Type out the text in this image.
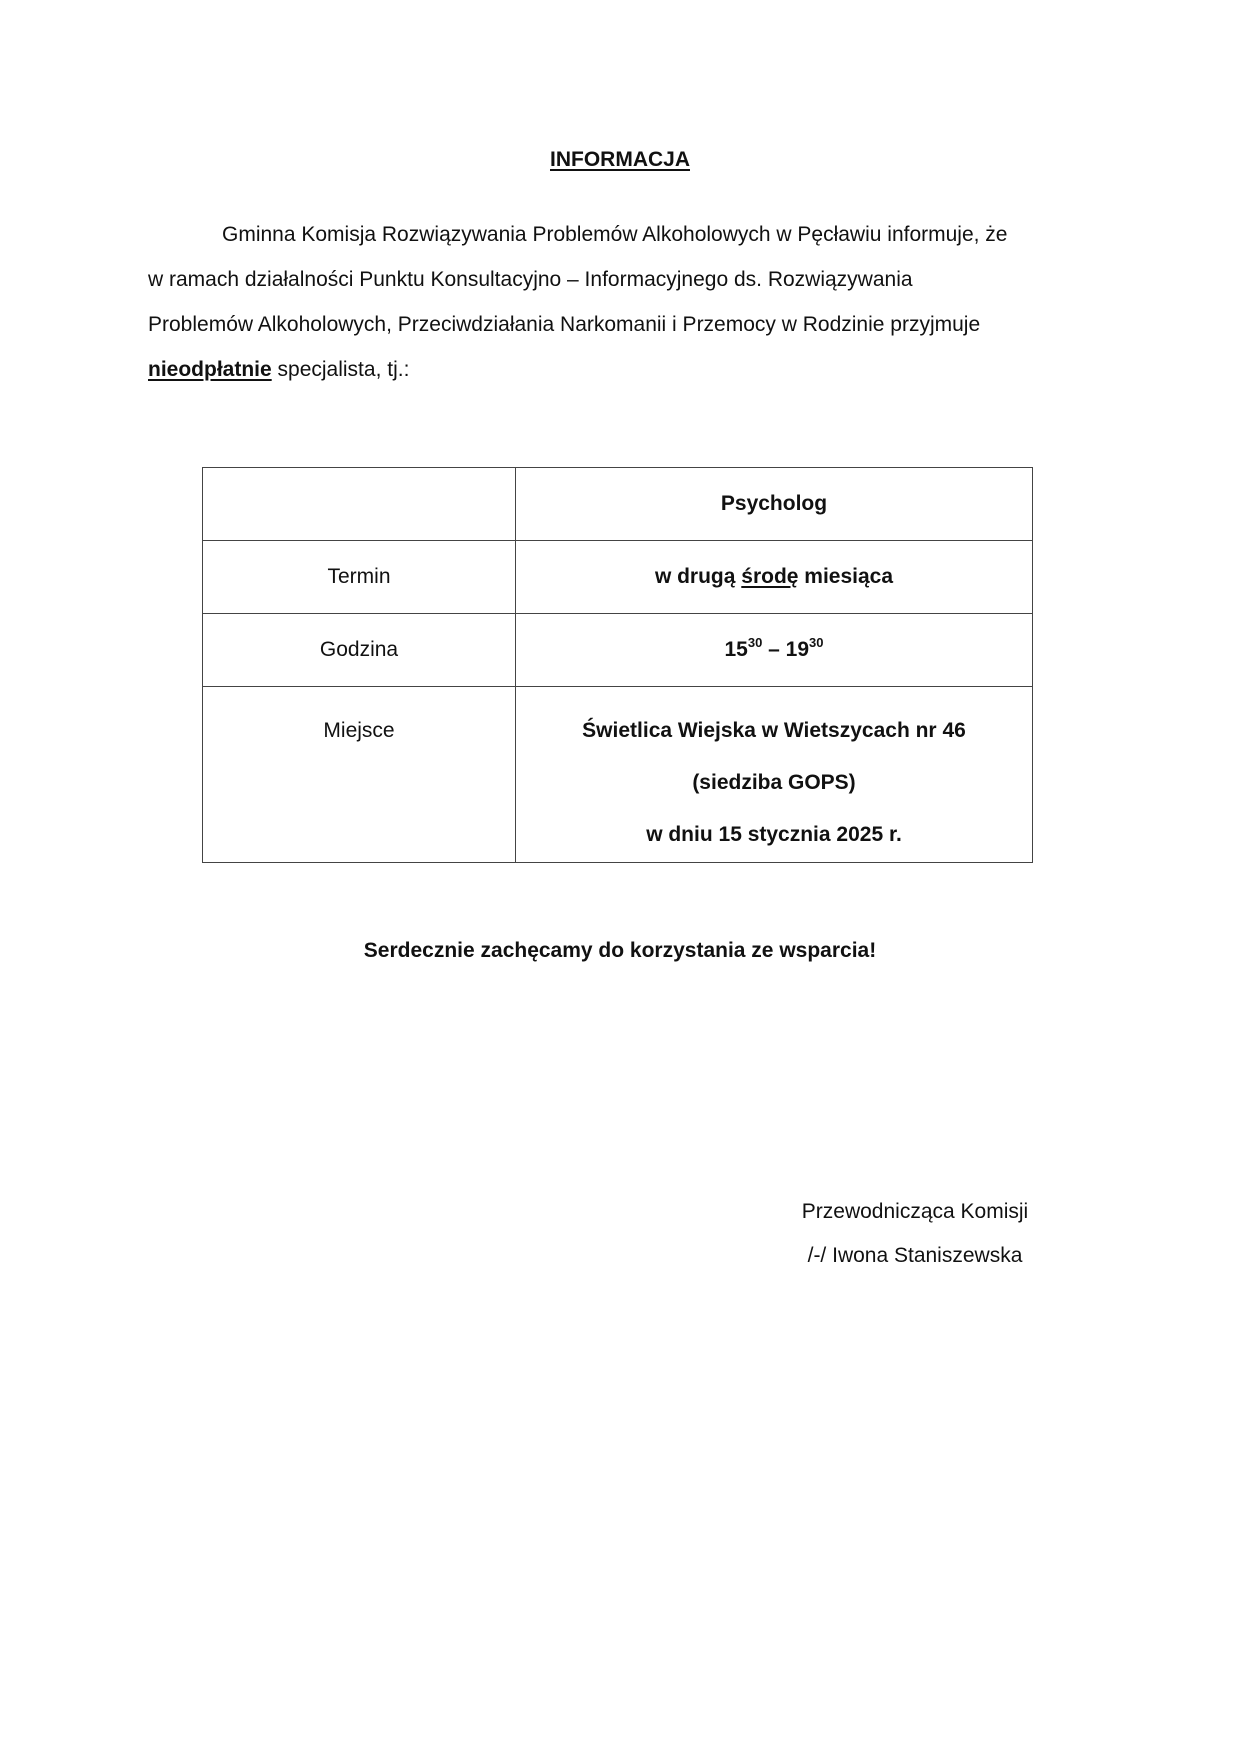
INFORMACJA
Gminna Komisja Rozwiązywania Problemów Alkoholowych w Pęcławiu informuje, że
w ramach działalności Punktu Konsultacyjno – Informacyjnego ds. Rozwiązywania
Problemów Alkoholowych, Przeciwdziałania Narkomanii i Przemocy w Rodzinie przyjmuje
nieodpłatnie specjalista, tj.:
	Psycholog
Termin	w drugą środę miesiąca
Godzina	$15^{30} - 19^{30}$
Miejsce	Świetlica Wiejska w Wietszycach nr 46
(siedziba GOPS)
w dniu 15 stycznia 2025 r.
Serdecznie zachęcamy do korzystania ze wsparcia!
Przewodnicząca Komisji
/-/ Iwona Staniszewska
